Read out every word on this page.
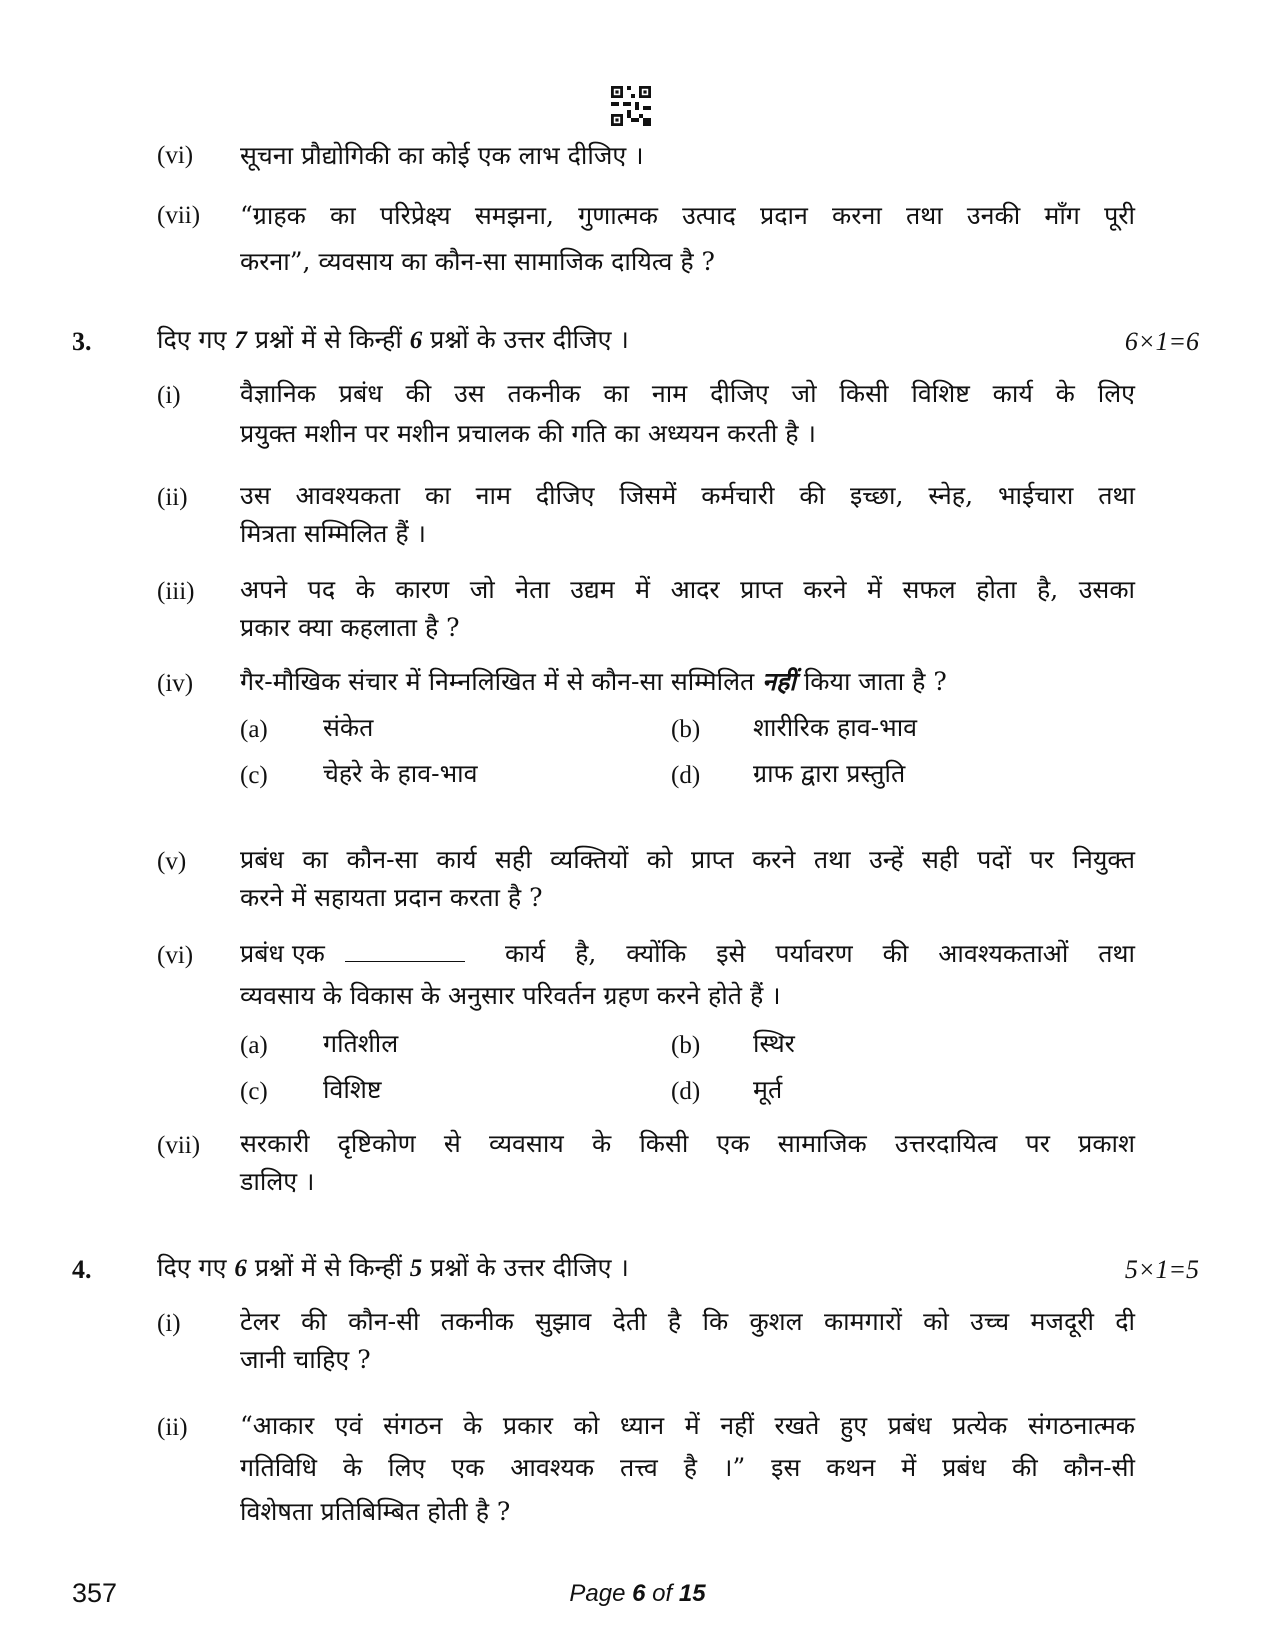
(vi) सूचना प्रौद्योगिकी का कोई एक लाभ दीजिए ।
(vii) “ग्राहक का परिप्रेक्ष्य समझना, गुणात्मक उत्पाद प्रदान करना तथा उनकी माँग पूरी
करना”, व्यवसाय का कौन-सा सामाजिक दायित्व है ?
3.	दिए गए 7 प्रश्नों में से किन्हीं 6 प्रश्नों के उत्तर दीजिए ।	6×1=6
(i) वैज्ञानिक प्रबंध की उस तकनीक का नाम दीजिए जो किसी विशिष्ट कार्य के लिए
प्रयुक्त मशीन पर मशीन प्रचालक की गति का अध्ययन करती है ।
(ii) उस आवश्यकता का नाम दीजिए जिसमें कर्मचारी की इच्छा, स्नेह, भाईचारा तथा
मित्रता सम्मिलित हैं ।
(iii) अपने पद के कारण जो नेता उद्यम में आदर प्राप्त करने में सफल होता है, उसका
प्रकार क्या कहलाता है ?
(iv) गैर-मौखिक संचार में निम्नलिखित में से कौन-सा सम्मिलित नहीं किया जाता है ?
(a) संकेत	(b) शारीरिक हाव-भाव
(c) चेहरे के हाव-भाव	(d) ग्राफ द्वारा प्रस्तुति
(v) प्रबंध का कौन-सा कार्य सही व्यक्तियों को प्राप्त करने तथा उन्हें सही पदों पर नियुक्त
करने में सहायता प्रदान करता है ?
(vi) प्रबंध एक	कार्य है, क्योंकि इसे पर्यावरण की आवश्यकताओं तथा
व्यवसाय के विकास के अनुसार परिवर्तन ग्रहण करने होते हैं ।
(a) गतिशील	(b) स्थिर
(c) विशिष्ट	(d) मूर्त
(vii) सरकारी दृष्टिकोण से व्यवसाय के किसी एक सामाजिक उत्तरदायित्व पर प्रकाश
डालिए ।
4.	दिए गए 6 प्रश्नों में से किन्हीं 5 प्रश्नों के उत्तर दीजिए ।	5×1=5
(i) टेलर की कौन-सी तकनीक सुझाव देती है कि कुशल कामगारों को उच्च मजदूरी दी
जानी चाहिए ?
(ii) “आकार एवं संगठन के प्रकार को ध्यान में नहीं रखते हुए प्रबंध प्रत्येक संगठनात्मक
गतिविधि के लिए एक आवश्यक तत्त्व है ।” इस कथन में प्रबंध की कौन-सी
विशेषता प्रतिबिम्बित होती है ?
357	Page 6 of 15
